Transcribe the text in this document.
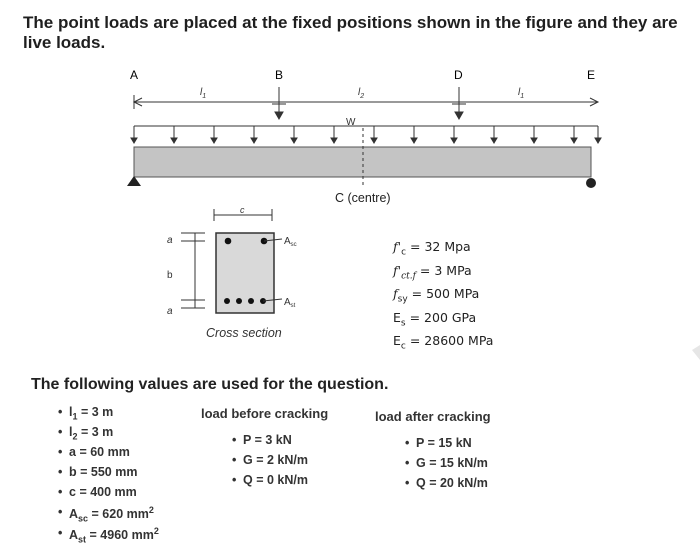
The point loads are placed at the fixed positions shown in the figure and they are live loads.
A	B	D	E
$l_1$	$l_2$	$l_1$
W
C (centre)
c
a
b
a
$A_{sc}$
$A_{st}$
Cross section
$f'_c = 32$ Mpa
$f'_{ct.f} = 3$ MPa
$f_{sy} = 500$ MPa
$E_s = 200$ GPa
$E_c = 28600$ MPa
The following values are used for the question.
• $l_1 = 3$ m
• $l_2 = 3$ m
• a = 60 mm
• b = 550 mm
• c = 400 mm
• $A_{sc} = 620$ $mm^2$
• $A_{st} = 4960$ $mm^2$
load before cracking
• P = 3 kN
• G = 2 kN/m
• Q = 0 kN/m
load after cracking
• P = 15 kN
• G = 15 kN/m
• Q = 20 kN/m
